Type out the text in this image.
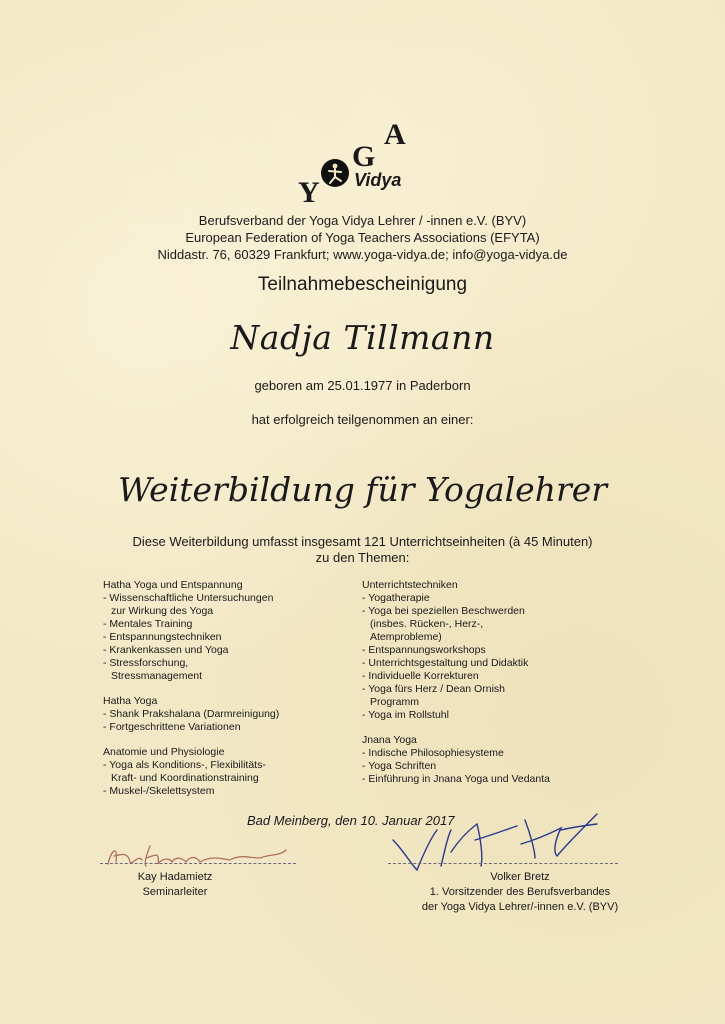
Y
G
A
Vidya
Berufsverband der Yoga Vidya Lehrer / -innen e.V. (BYV)
European Federation of Yoga Teachers Associations (EFYTA)
Niddastr. 76, 60329 Frankfurt; www.yoga-vidya.de; info@yoga-vidya.de
Teilnahmebescheinigung
Nadja Tillmann
geboren am 25.01.1977 in Paderborn
hat erfolgreich teilgenommen an einer:
Weiterbildung für Yogalehrer
Diese Weiterbildung umfasst insgesamt 121 Unterrichtseinheiten (à 45 Minuten)
zu den Themen:
Hatha Yoga und Entspannung
- Wissenschaftliche Untersuchungen
zur Wirkung des Yoga
- Mentales Training
- Entspannungstechniken
- Krankenkassen und Yoga
- Stressforschung,
Stressmanagement
Hatha Yoga
- Shank Prakshalana (Darmreinigung)
- Fortgeschrittene Variationen
Anatomie und Physiologie
- Yoga als Konditions-, Flexibilitäts-
Kraft- und Koordinationstraining
- Muskel-/Skelettsystem
Unterrichtstechniken
- Yogatherapie
- Yoga bei speziellen Beschwerden
(insbes. Rücken-, Herz-,
Atemprobleme)
- Entspannungsworkshops
- Unterrichtsgestaltung und Didaktik
- Individuelle Korrekturen
- Yoga fürs Herz / Dean Ornish
Programm
- Yoga im Rollstuhl
Jnana Yoga
- Indische Philosophiesysteme
- Yoga Schriften
- Einführung in Jnana Yoga und Vedanta
Bad Meinberg, den 10. Januar 2017
Kay Hadamietz
Seminarleiter
Volker Bretz
1. Vorsitzender des Berufsverbandes
der Yoga Vidya Lehrer/-innen e.V. (BYV)
